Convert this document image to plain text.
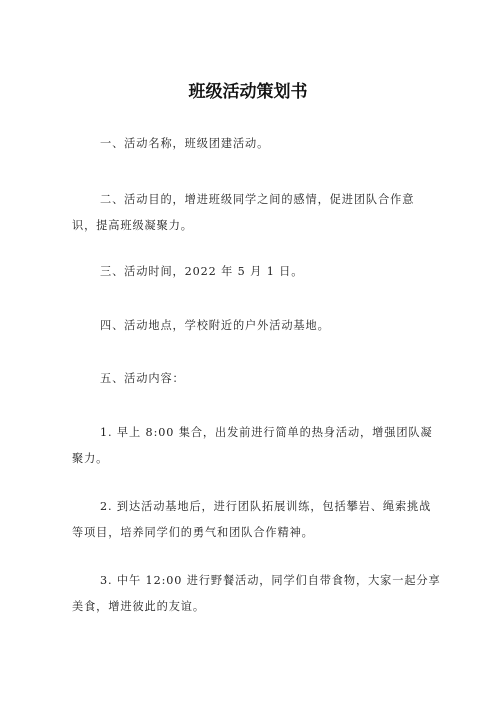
班级活动策划书

一、活动名称，班级团建活动。

二、活动目的，增进班级同学之间的感情，促进团队合作意识，提高班级凝聚力。

三、活动时间，2022 年 5 月 1 日。

四、活动地点，学校附近的户外活动基地。

五、活动内容：

1. 早上 8:00 集合，出发前进行简单的热身活动，增强团队凝
聚力。
2. 到达活动基地后，进行团队拓展训练，包括攀岩、绳索挑战
等项目，培养同学们的勇气和团队合作精神。
3. 中午 12:00 进行野餐活动，同学们自带食物，大家一起分享
美食，增进彼此的友谊。
